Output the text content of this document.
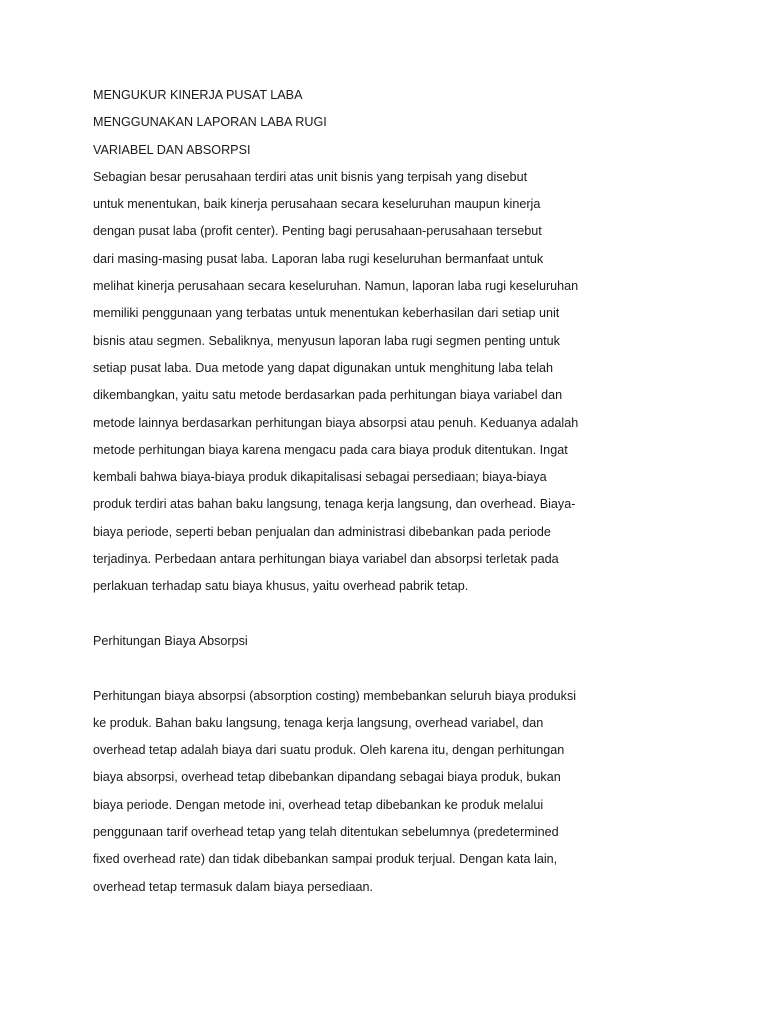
MENGUKUR KINERJA PUSAT LABA
MENGGUNAKAN LAPORAN LABA RUGI
VARIABEL DAN ABSORPSI
Sebagian besar perusahaan terdiri atas unit bisnis yang terpisah yang disebut
untuk menentukan, baik kinerja perusahaan secara keseluruhan maupun kinerja
dengan pusat laba (profit center). Penting bagi perusahaan-perusahaan tersebut
dari masing-masing pusat laba. Laporan laba rugi keseluruhan bermanfaat untuk
melihat kinerja perusahaan secara keseluruhan. Namun, laporan laba rugi keseluruhan
memiliki penggunaan yang terbatas untuk menentukan keberhasilan dari setiap unit
bisnis atau segmen. Sebaliknya, menyusun laporan laba rugi segmen penting untuk
setiap pusat laba. Dua metode yang dapat digunakan untuk menghitung laba telah
dikembangkan, yaitu satu metode berdasarkan pada perhitungan biaya variabel dan
metode lainnya berdasarkan perhitungan biaya absorpsi atau penuh. Keduanya adalah
metode perhitungan biaya karena mengacu pada cara biaya produk ditentukan. Ingat
kembali bahwa biaya-biaya produk dikapitalisasi sebagai persediaan; biaya-biaya
produk terdiri atas bahan baku langsung, tenaga kerja langsung, dan overhead. Biaya-
biaya periode, seperti beban penjualan dan administrasi dibebankan pada periode
terjadinya. Perbedaan antara perhitungan biaya variabel dan absorpsi terletak pada
perlakuan terhadap satu biaya khusus, yaitu overhead pabrik tetap.
Perhitungan Biaya Absorpsi
Perhitungan biaya absorpsi (absorption costing) membebankan seluruh biaya produksi
ke produk. Bahan baku langsung, tenaga kerja langsung, overhead variabel, dan
overhead tetap adalah biaya dari suatu produk. Oleh karena itu, dengan perhitungan
biaya absorpsi, overhead tetap dibebankan dipandang sebagai biaya produk, bukan
biaya periode. Dengan metode ini, overhead tetap dibebankan ke produk melalui
penggunaan tarif overhead tetap yang telah ditentukan sebelumnya (predetermined
fixed overhead rate) dan tidak dibebankan sampai produk terjual. Dengan kata lain,
overhead tetap termasuk dalam biaya persediaan.
